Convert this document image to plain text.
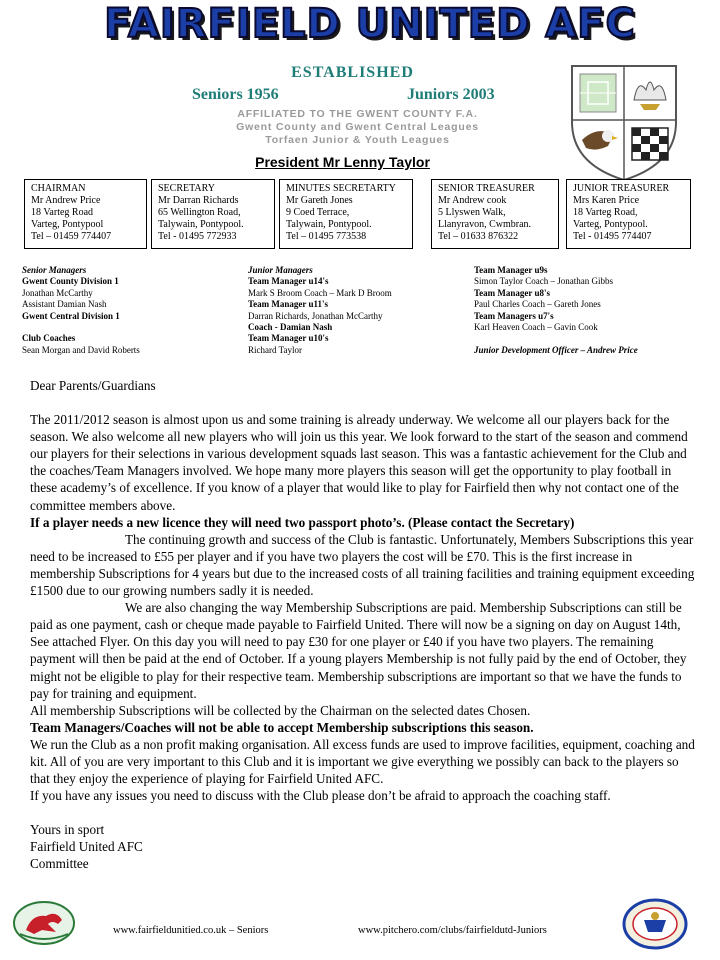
FAIRFIELD UNITED AFC
ESTABLISHED
Seniors 1956	Juniors 2003
AFFILIATED TO THE GWENT COUNTY F.A.
Gwent County and Gwent Central Leagues
Torfaen Junior & Youth Leagues
President Mr Lenny Taylor
CHAIRMAN
Mr Andrew Price
18 Varteg Road
Varteg, Pontypool
Tel – 01459 774407
SECRETARY
Mr Darran Richards
65 Wellington Road,
Talywain, Pontypool.
Tel - 01495 772933
MINUTES SECRETARTY
Mr Gareth Jones
9 Coed Terrace,
Talywain, Pontypool.
Tel – 01495 773538
SENIOR TREASURER
Mr Andrew cook
5 Llyswen Walk,
Llanyravon, Cwmbran.
Tel – 01633 876322
JUNIOR TREASURER
Mrs Karen Price
18 Varteg Road,
Varteg, Pontypool.
Tel - 01495 774407
Senior Managers
Gwent County Division 1
Jonathan McCarthy
Assistant Damian Nash
Gwent Central Division 1

Club Coaches
Sean Morgan and David Roberts
Junior Managers
Team Manager u14's
Mark S Broom Coach – Mark D Broom
Team Manager u11's
Darran Richards, Jonathan McCarthy
Coach - Damian Nash
Team Manager u10's
Richard Taylor
Team Manager u9s
Simon Taylor Coach – Jonathan Gibbs
Team Manager u8's
Paul Charles Coach – Gareth Jones
Team Managers u7's
Karl Heaven Coach – Gavin Cook

Junior Development Officer – Andrew Price

Dear Parents/Guardians

The 2011/2012 season is almost upon us and some training is already underway. We welcome all our players back for the season. We also welcome all new players who will join us this year. We look forward to the start of the season and commend our players for their selections in various development squads last season. This was a fantastic achievement for the Club and the coaches/Team Managers involved. We hope many more players this season will get the opportunity to play football in these academy’s of excellence. If you know of a player that would like to play for Fairfield then why not contact one of the committee members above.

If a player needs a new licence they will need two passport photo’s. (Please contact the Secretary)

The continuing growth and success of the Club is fantastic. Unfortunately, Members Subscriptions this year need to be increased to £55 per player and if you have two players the cost will be £70. This is the first increase in membership Subscriptions for 4 years but due to the increased costs of all training facilities and training equipment exceeding £1500 due to our growing numbers sadly it is needed.

We are also changing the way Membership Subscriptions are paid. Membership Subscriptions can still be paid as one payment, cash or cheque made payable to Fairfield United. There will now be a signing on day on August 14th, See attached Flyer. On this day you will need to pay £30 for one player or £40 if you have two players. The remaining payment will then be paid at the end of October. If a young players Membership is not fully paid by the end of October, they might not be eligible to play for their respective team. Membership subscriptions are important so that we have the funds to pay for training and equipment.

All membership Subscriptions will be collected by the Chairman on the selected dates Chosen.

Team Managers/Coaches will not be able to accept Membership subscriptions this season.

We run the Club as a non profit making organisation. All excess funds are used to improve facilities, equipment, coaching and kit. All of you are very important to this Club and it is important we give everything we possibly can back to the players so that they enjoy the experience of playing for Fairfield United AFC.

If you have any issues you need to discuss with the Club please don’t be afraid to approach the coaching staff.

Yours in sport

Fairfield United AFC

Committee

www.fairfieldunitied.co.uk – Seniors	www.pitchero.com/clubs/fairfieldutd-Juniors
